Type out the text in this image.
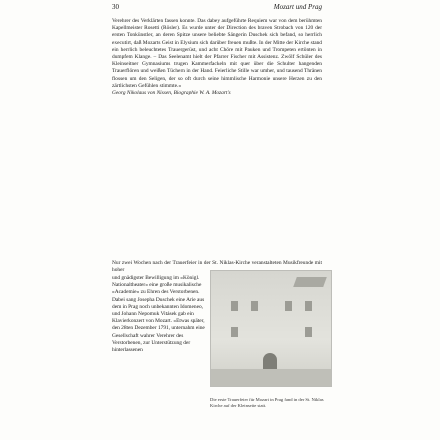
30	Mozart und Prag

Verehrer des Verklärten fassen konnte. Das dabey aufgeführte Requiem war von dem berühmten Kapellmeister Rosetti (Rösler). Es wurde unter der Direction des braven Strobach von 120 der ersten Tonkünstler, an deren Spitze unsere beliebte Sängerin Duschek sich befand, so herrlich executirt, daß Mozarts Geist in Elysium sich darüber freuen mußte. In der Mitte der Kirche stand ein herrlich beleuchtetes Trauergerüst, und acht Chöre mit Pauken und Trompeten ertönten in dumpfem Klange. – Das Seelenamt hielt der Pfarrer Fischer mit Assistenz. Zwölf Schüler des Kleinseitner Gymnasiums trugen Kammerfackeln mit quer über die Schulter hangenden Trauerflören und weißen Tüchern in der Hand. Feierliche Stille war umher, und tausend Thränen flossen um den Seligen, der so oft durch seine himmlische Harmonie unsere Herzen zu den zärtlichsten Gefühlen stimmte.«
Georg Nikolaus von Nissen, Biographie W. A. Mozart's

Nur zwei Wochen nach der Trauerfeier in der St. Niklas-Kirche veranstalteten Musikfreunde mit hoher

und gnädigster Bewilligung im »Königl. Nationaltheater« eine große musikalische »Academie« zu Ehren des Verstorbenen. Dabei sang Josepha Duschek eine Arie aus dem in Prag noch unbekannten Idomeneo, und Johann Nepomuk Vitásek gab ein Klavierkonzert von Mozart. »Etwas später, den 28ten Dezember 1791, unternahm eine Gesellschaft wahrer Verehrer des Verstorbenen, zur Unterstützung der hinterlassenen

Die erste Trauerfeier für Mozart in Prag fand in der St. Niklas Kirche auf der Kleinseite statt.
